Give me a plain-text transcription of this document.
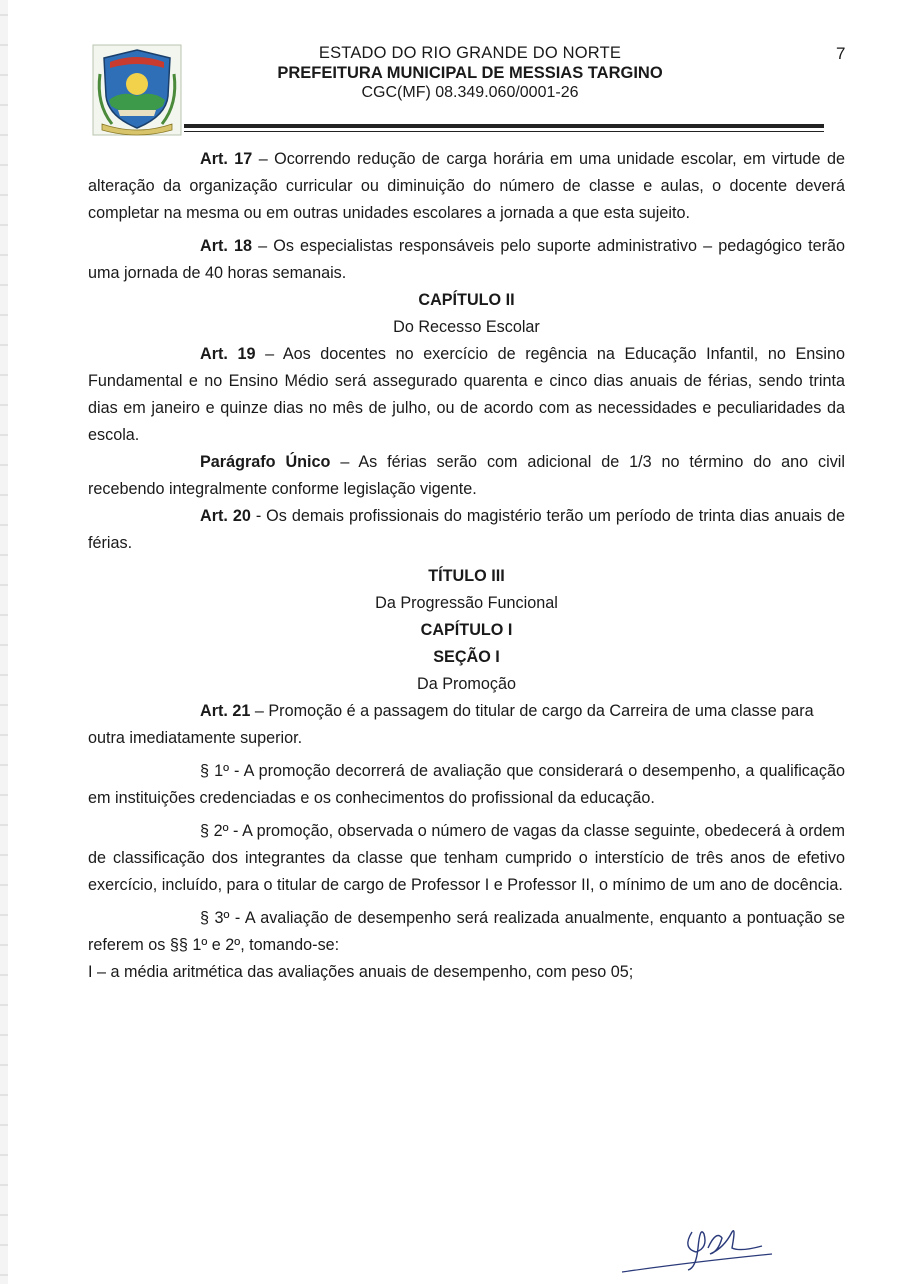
ESTADO DO RIO GRANDE DO NORTE
PREFEITURA MUNICIPAL DE MESSIAS TARGINO
CGC(MF) 08.349.060/0001-26
7

Art. 17 – Ocorrendo redução de carga horária em uma unidade escolar, em virtude de alteração da organização curricular ou diminuição do número de classe e aulas, o docente deverá completar na mesma ou em outras unidades escolares a jornada a que esta sujeito.

Art. 18 – Os especialistas responsáveis pelo suporte administrativo – pedagógico terão uma jornada de 40 horas semanais.

CAPÍTULO II

Do Recesso Escolar

Art. 19 – Aos docentes no exercício de regência na Educação Infantil, no Ensino Fundamental e no Ensino Médio será assegurado quarenta e cinco dias anuais de férias, sendo trinta dias em janeiro e quinze dias no mês de julho, ou de acordo com as necessidades e peculiaridades da escola.

Parágrafo Único – As férias serão com adicional de 1/3 no término do ano civil recebendo integralmente conforme legislação vigente.

Art. 20 - Os demais profissionais do magistério terão um período de trinta dias anuais de férias.

TÍTULO III

Da Progressão Funcional

CAPÍTULO I

SEÇÃO I

Da Promoção

Art. 21 – Promoção é a passagem do titular de cargo da Carreira de uma classe para outra imediatamente superior.

§ 1º - A promoção decorrerá de avaliação que considerará o desempenho, a qualificação em instituições credenciadas e os conhecimentos do profissional da educação.

§ 2º - A promoção, observada o número de vagas da classe seguinte, obedecerá à ordem de classificação dos integrantes da classe que tenham cumprido o interstício de três anos de efetivo exercício, incluído, para o titular de cargo de Professor I e Professor II, o mínimo de um ano de docência.

§ 3º - A avaliação de desempenho será realizada anualmente, enquanto a pontuação se referem os §§ 1º e 2º, tomando-se:

I – a média aritmética das avaliações anuais de desempenho, com peso 05;
